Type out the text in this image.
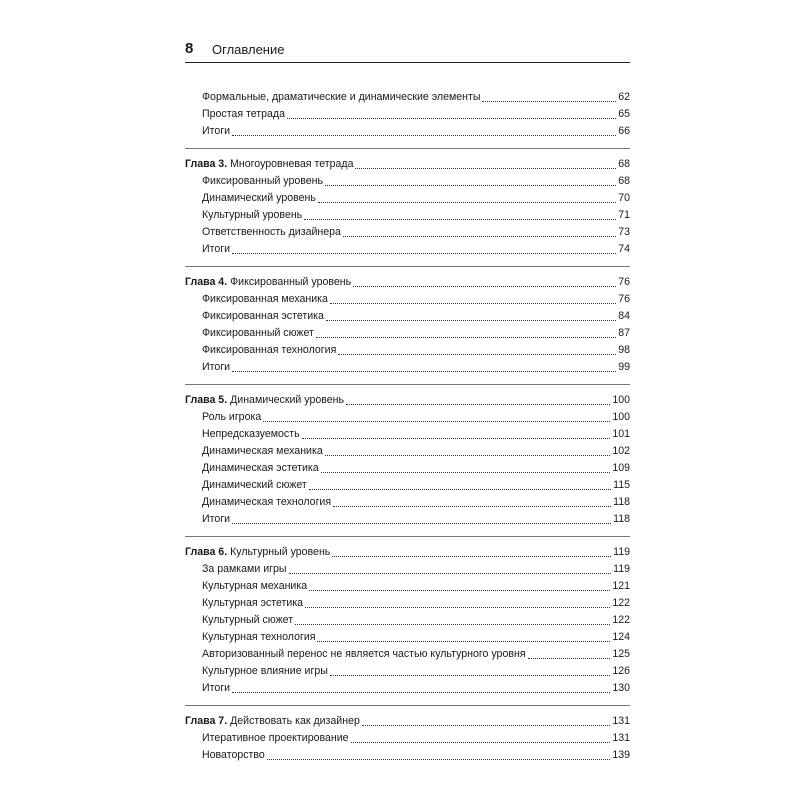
8 Оглавление
Формальные, драматические и динамические элементы	62
Простая тетрада	65
Итоги	66
Глава 3. Многоуровневая тетрада	68
Фиксированный уровень	68
Динамический уровень	70
Культурный уровень	71
Ответственность дизайнера	73
Итоги	74
Глава 4. Фиксированный уровень	76
Фиксированная механика	76
Фиксированная эстетика	84
Фиксированный сюжет	87
Фиксированная технология	98
Итоги	99
Глава 5. Динамический уровень	100
Роль игрока	100
Непредсказуемость	101
Динамическая механика	102
Динамическая эстетика	109
Динамический сюжет	115
Динамическая технология	118
Итоги	118
Глава 6. Культурный уровень	119
За рамками игры	119
Культурная механика	121
Культурная эстетика	122
Культурный сюжет	122
Культурная технология	124
Авторизованный перенос не является частью культурного уровня	125
Культурное влияние игры	126
Итоги	130
Глава 7. Действовать как дизайнер	131
Итеративное проектирование	131
Новаторство	139
